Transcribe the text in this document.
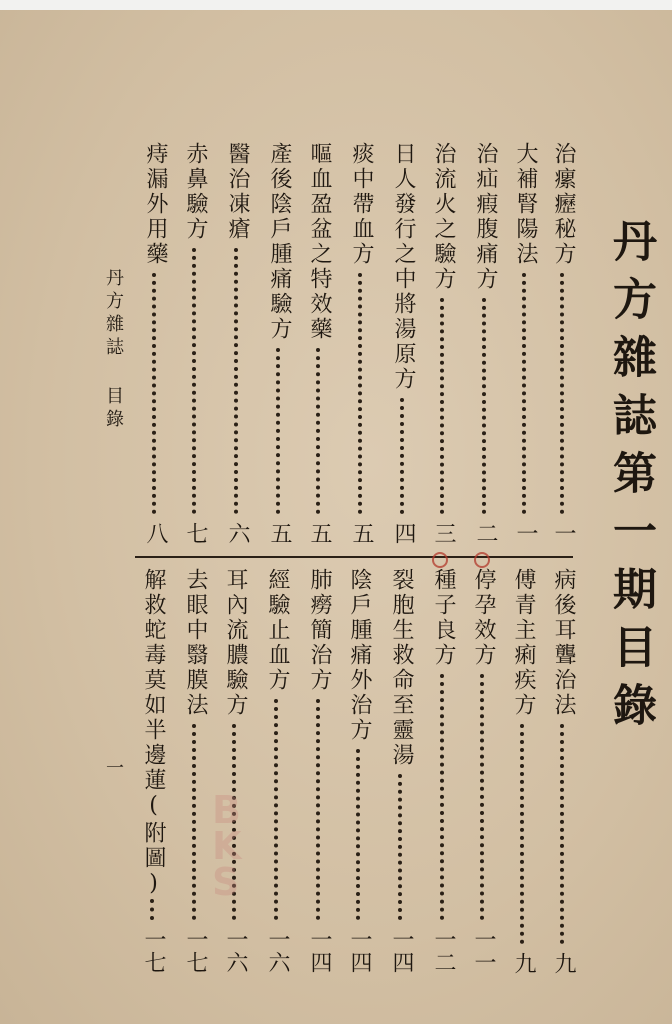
丹方雜誌第一期目錄
丹方雜誌目錄
一
治瘰癧秘方
一
大補腎陽法
一
治疝瘕腹痛方
二
治流火之驗方
三
日人發行之中將湯原方
四
痰中帶血方
五
嘔血盈盆之特效藥
五
產後陰戶腫痛驗方
五
醫治凍瘡
六
赤鼻驗方
七
痔漏外用藥
八
病後耳聾治法
九
傅青主痢疾方
九
停孕效方
一一
種子良方
一二
裂胞生救命至靈湯
一四
陰戶腫痛外治方
一四
肺癆簡治方
一四
經驗止血方
一六
耳內流膿驗方
一六
去眼中翳膜法
一七
解救蛇毒莫如半邊蓮(附圖)
一七
B
K
S
